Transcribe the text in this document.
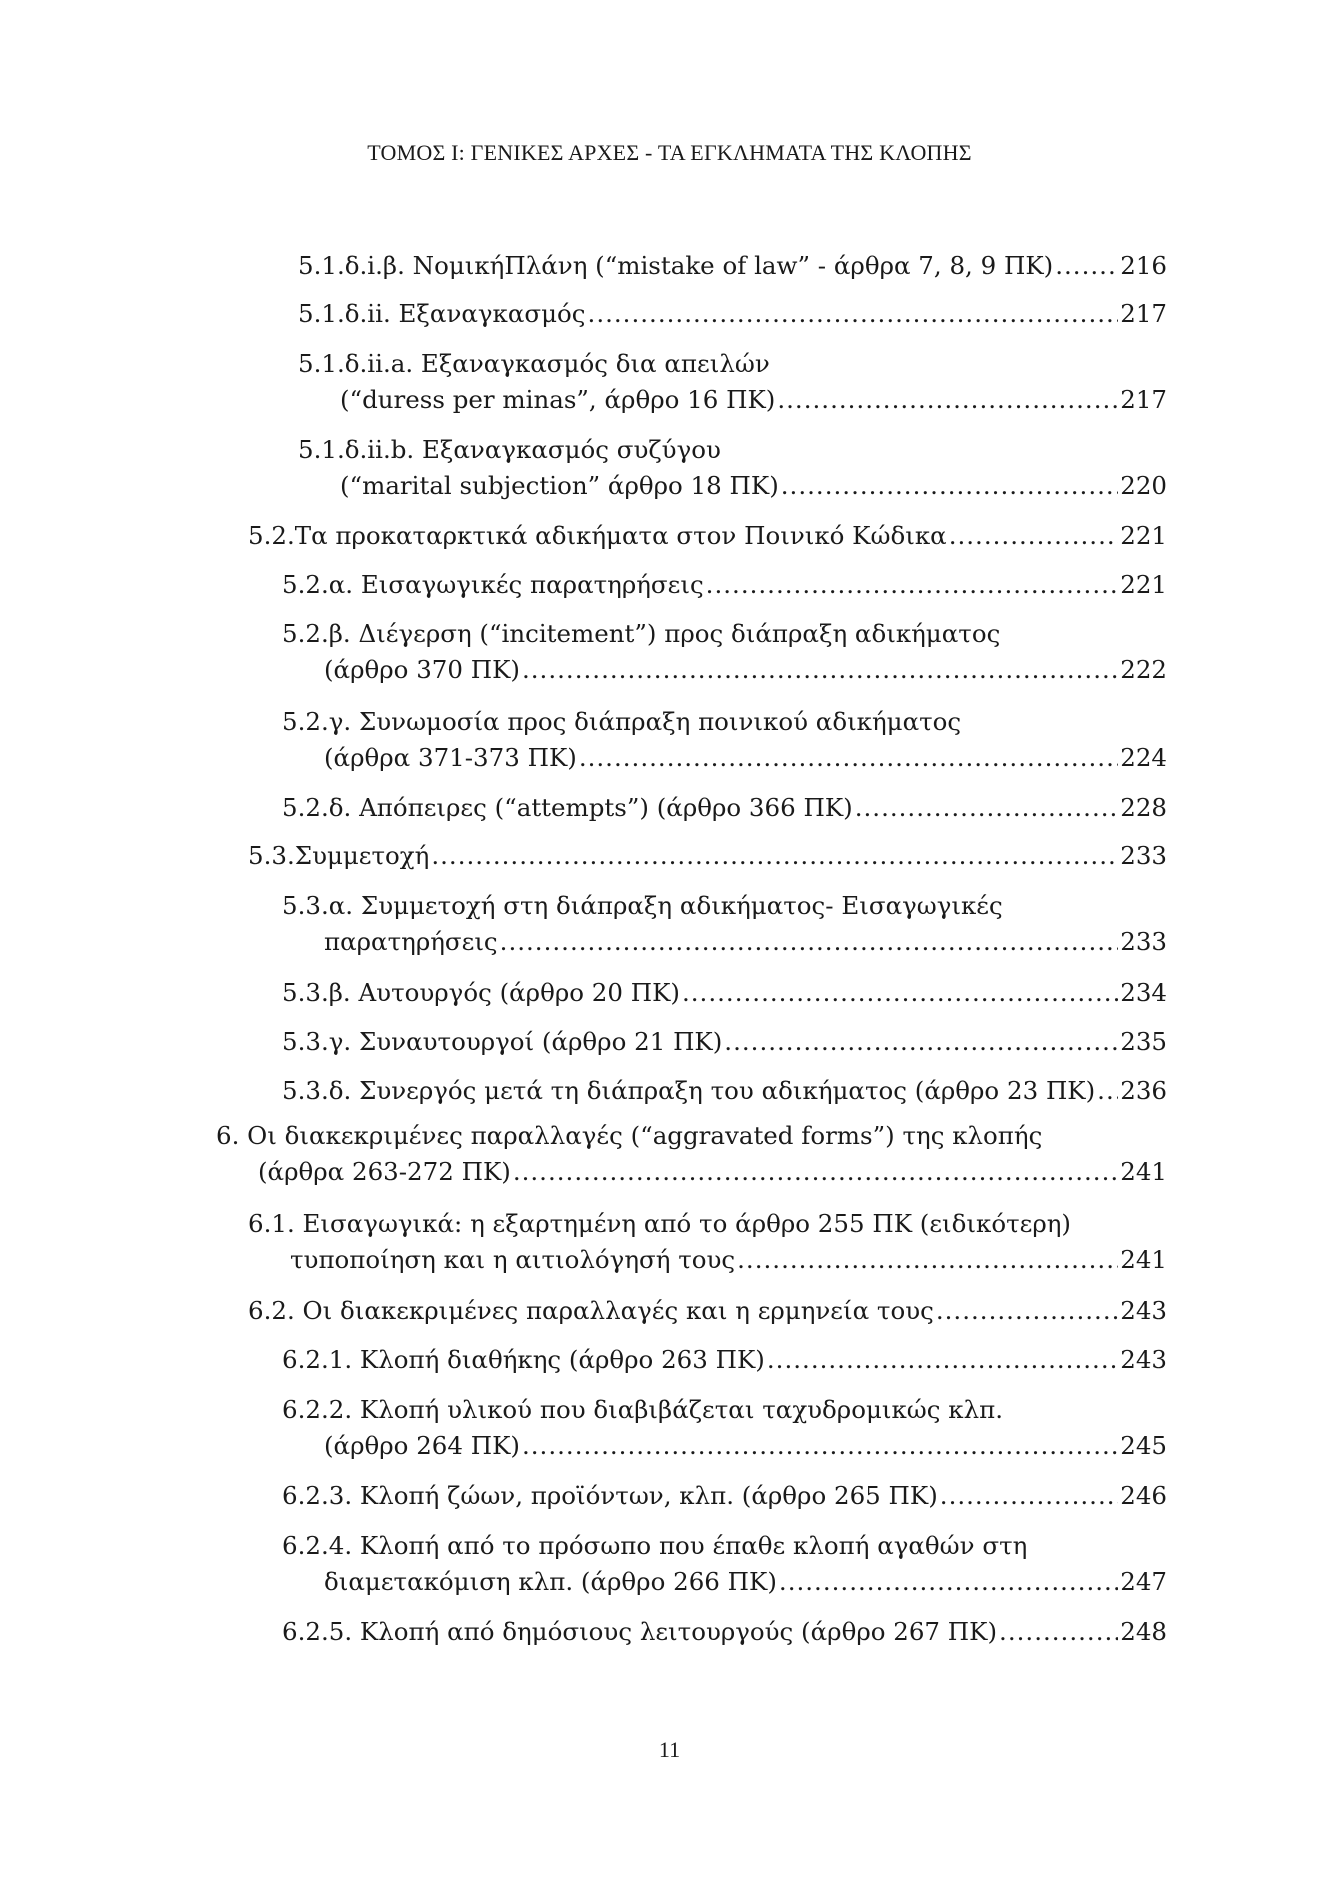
ΤΟΜΟΣ Ι: ΓΕΝΙΚΕΣ ΑΡΧΕΣ - ΤΑ ΕΓΚΛΗΜΑΤΑ ΤΗΣ ΚΛΟΠΗΣ
5.1.δ.i.β. ΝομικήΠλάνη (“mistake of law” - άρθρα 7, 8, 9 ΠΚ) .....	216
5.1.δ.ii. Εξαναγκασμός .....	217
5.1.δ.ii.a. Εξαναγκασμός δια απειλών
(“duress per minas”, άρθρο 16 ΠΚ) .....	217
5.1.δ.ii.b. Εξαναγκασμός συζύγου
(“marital subjection” άρθρο 18 ΠΚ) .....	220
5.2.Τα προκαταρκτικά αδικήματα στον Ποινικό Κώδικα .....	221
5.2.α. Εισαγωγικές παρατηρήσεις .....	221
5.2.β. Διέγερση (“incitement”) προς διάπραξη αδικήματος
(άρθρο 370 ΠΚ) .....	222
5.2.γ. Συνωμοσία προς διάπραξη ποινικού αδικήματος
(άρθρα 371-373 ΠΚ) .....	224
5.2.δ. Απόπειρες (“attempts”) (άρθρο 366 ΠΚ) .....	228
5.3.Συμμετοχή .....	233
5.3.α. Συμμετοχή στη διάπραξη αδικήματος- Εισαγωγικές
παρατηρήσεις .....	233
5.3.β. Αυτουργός (άρθρο 20 ΠΚ) .....	234
5.3.γ. Συναυτουργοί (άρθρο 21 ΠΚ) .....	235
5.3.δ. Συνεργός μετά τη διάπραξη του αδικήματος (άρθρο 23 ΠΚ) ..... 236
6. Οι διακεκριμένες παραλλαγές (“aggravated forms”) της κλοπής
(άρθρα 263-272 ΠΚ) .....	241
6.1. Εισαγωγικά: η εξαρτημένη από το άρθρο 255 ΠΚ (ειδικότερη)
τυποποίηση και η αιτιολόγησή τους .....	241
6.2. Οι διακεκριμένες παραλλαγές και η ερμηνεία τους .....	243
6.2.1. Κλοπή διαθήκης (άρθρο 263 ΠΚ) .....	243
6.2.2. Κλοπή υλικού που διαβιβάζεται ταχυδρομικώς κλπ.
(άρθρο 264 ΠΚ) .....	245
6.2.3. Κλοπή ζώων, προϊόντων, κλπ. (άρθρο 265 ΠΚ) .....	246
6.2.4. Κλοπή από το πρόσωπο που έπαθε κλοπή αγαθών στη
διαμετακόμιση κλπ. (άρθρο 266 ΠΚ) .....	247
6.2.5. Κλοπή από δημόσιους λειτουργούς (άρθρο 267 ΠΚ) .....	248
11
